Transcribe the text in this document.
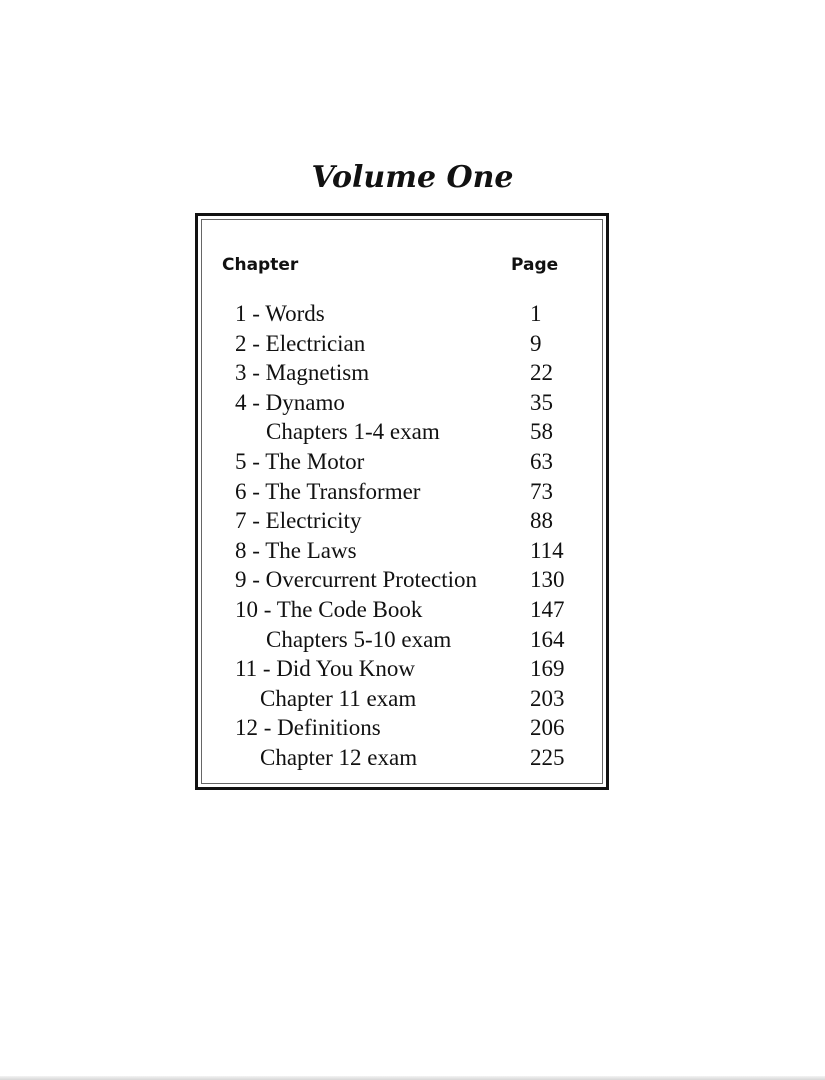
Volume One
Chapter	Page
1 - Words	1
2 - Electrician	9
3 - Magnetism	22
4 - Dynamo	35
Chapters 1-4 exam	58
5 - The Motor	63
6 - The Transformer	73
7 - Electricity	88
8 - The Laws	114
9 - Overcurrent Protection 130
10 - The Code Book	147
Chapters 5-10 exam	164
11 - Did You Know	169
Chapter 11 exam	203
12 - Definitions	206
Chapter 12 exam	225
